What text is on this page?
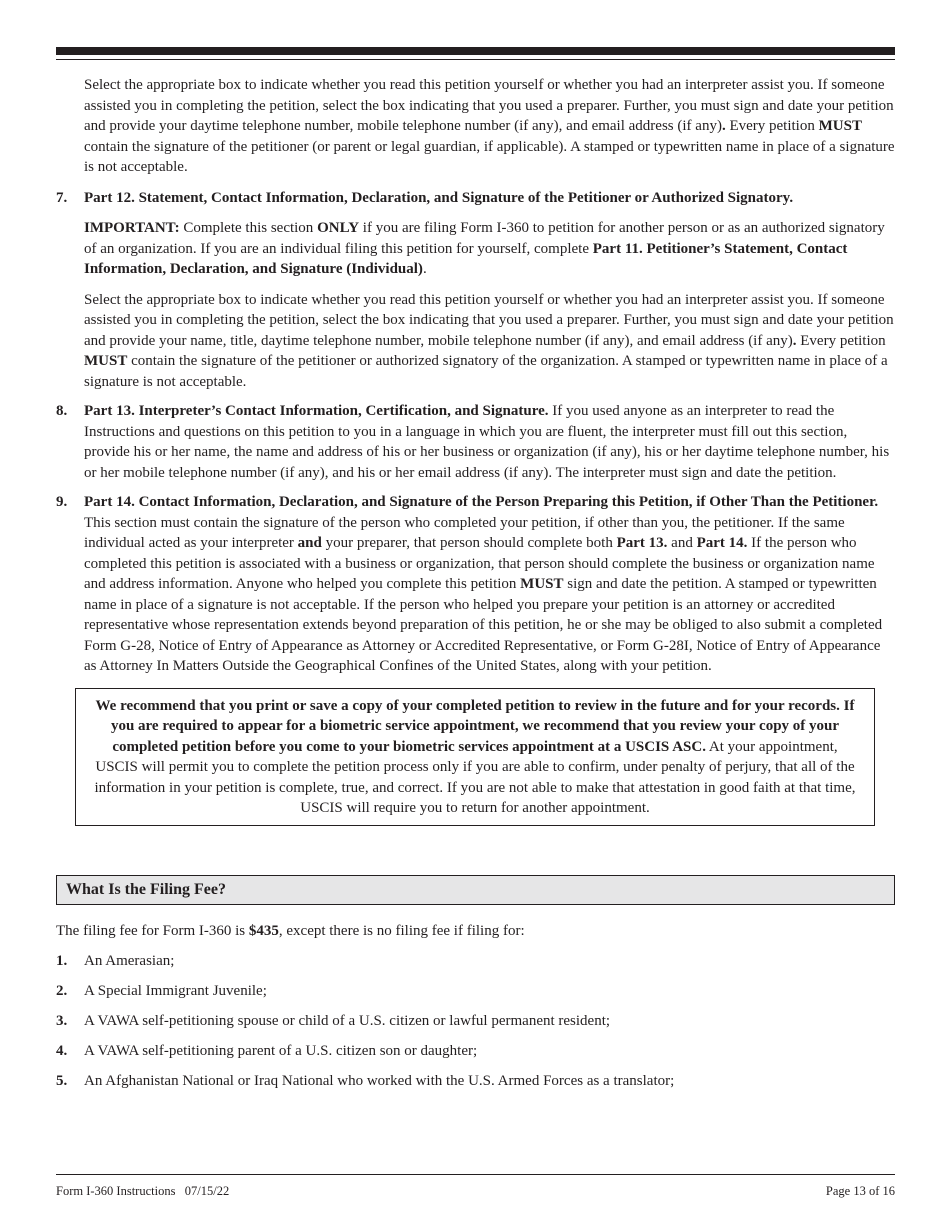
Select the appropriate box to indicate whether you read this petition yourself or whether you had an interpreter assist you. If someone assisted you in completing the petition, select the box indicating that you used a preparer. Further, you must sign and date your petition and provide your daytime telephone number, mobile telephone number (if any), and email address (if any). Every petition MUST contain the signature of the petitioner (or parent or legal guardian, if applicable). A stamped or typewritten name in place of a signature is not acceptable.

7.	Part 12. Statement, Contact Information, Declaration, and Signature of the Petitioner or Authorized Signatory.

IMPORTANT: Complete this section ONLY if you are filing Form I-360 to petition for another person or as an authorized signatory of an organization. If you are an individual filing this petition for yourself, complete Part 11. Petitioner’s Statement, Contact Information, Declaration, and Signature (Individual).

Select the appropriate box to indicate whether you read this petition yourself or whether you had an interpreter assist you. If someone assisted you in completing the petition, select the box indicating that you used a preparer. Further, you must sign and date your petition and provide your name, title, daytime telephone number, mobile telephone number (if any), and email address (if any). Every petition MUST contain the signature of the petitioner or authorized signatory of the organization. A stamped or typewritten name in place of a signature is not acceptable.

8.	Part 13. Interpreter’s Contact Information, Certification, and Signature. If you used anyone as an interpreter to read the Instructions and questions on this petition to you in a language in which you are fluent, the interpreter must fill out this section, provide his or her name, the name and address of his or her business or organization (if any), his or her daytime telephone number, his or her mobile telephone number (if any), and his or her email address (if any). The interpreter must sign and date the petition.

9.	Part 14. Contact Information, Declaration, and Signature of the Person Preparing this Petition, if Other Than the Petitioner. This section must contain the signature of the person who completed your petition, if other than you, the petitioner. If the same individual acted as your interpreter and your preparer, that person should complete both Part 13. and Part 14. If the person who completed this petition is associated with a business or organization, that person should complete the business or organization name and address information. Anyone who helped you complete this petition MUST sign and date the petition. A stamped or typewritten name in place of a signature is not acceptable. If the person who helped you prepare your petition is an attorney or accredited representative whose representation extends beyond preparation of this petition, he or she may be obliged to also submit a completed Form G-28, Notice of Entry of Appearance as Attorney or Accredited Representative, or Form G-28I, Notice of Entry of Appearance as Attorney In Matters Outside the Geographical Confines of the United States, along with your petition.

We recommend that you print or save a copy of your completed petition to review in the future and for your records. If you are required to appear for a biometric service appointment, we recommend that you review your copy of your completed petition before you come to your biometric services appointment at a USCIS ASC. At your appointment, USCIS will permit you to complete the petition process only if you are able to confirm, under penalty of perjury, that all of the information in your petition is complete, true, and correct. If you are not able to make that attestation in good faith at that time, USCIS will require you to return for another appointment.

What Is the Filing Fee?

The filing fee for Form I-360 is $435, except there is no filing fee if filing for:

1.	An Amerasian;
2.	A Special Immigrant Juvenile;
3.	A VAWA self-petitioning spouse or child of a U.S. citizen or lawful permanent resident;
4.	A VAWA self-petitioning parent of a U.S. citizen son or daughter;
5.	An Afghanistan National or Iraq National who worked with the U.S. Armed Forces as a translator;
Form I-360 Instructions   07/15/22	Page 13 of 16
